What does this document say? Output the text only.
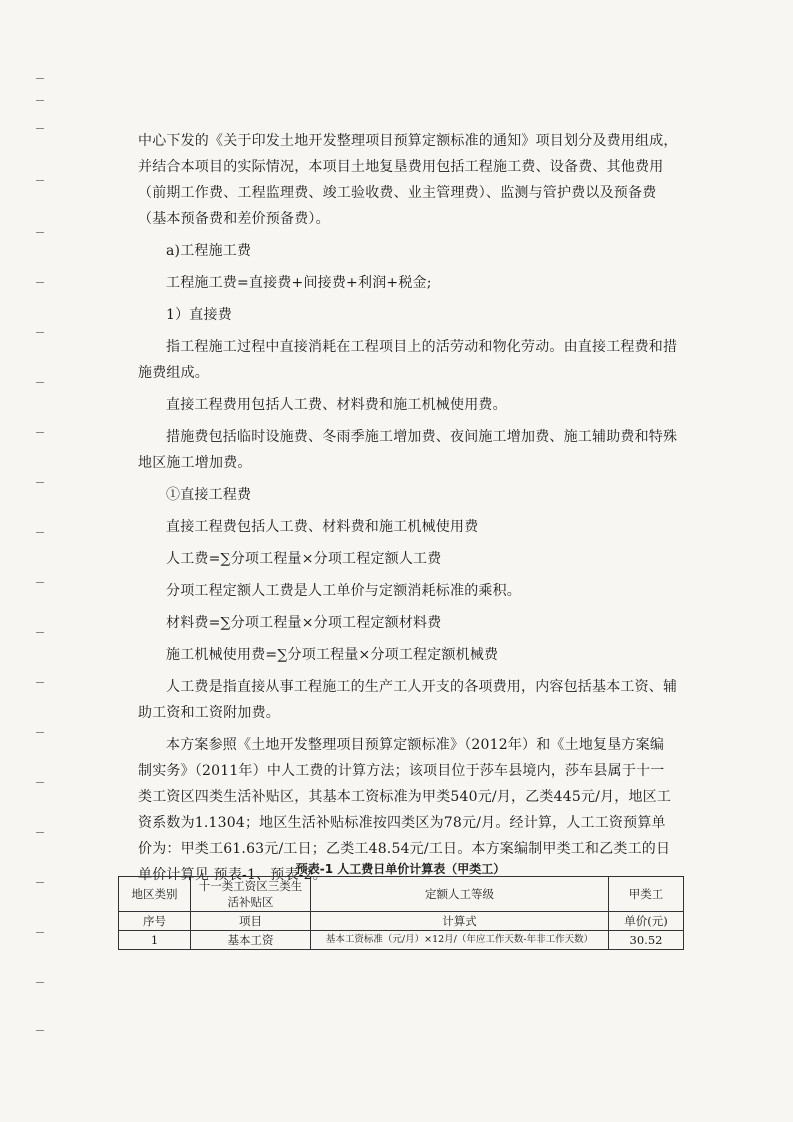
中心下发的《关于印发土地开发整理项目预算定额标准的通知》项目划分及费用组成，并结合本项目的实际情况，本项目土地复垦费用包括工程施工费、设备费、其他费用（前期工作费、工程监理费、竣工验收费、业主管理费）、监测与管护费以及预备费（基本预备费和差价预备费）。

a)工程施工费

工程施工费=直接费+间接费+利润+税金;

1）直接费

指工程施工过程中直接消耗在工程项目上的活劳动和物化劳动。由直接工程费和措施费组成。

直接工程费用包括人工费、材料费和施工机械使用费。

措施费包括临时设施费、冬雨季施工增加费、夜间施工增加费、施工辅助费和特殊地区施工增加费。

①直接工程费

直接工程费包括人工费、材料费和施工机械使用费

人工费=∑分项工程量×分项工程定额人工费

分项工程定额人工费是人工单价与定额消耗标准的乘积。

材料费=∑分项工程量×分项工程定额材料费

施工机械使用费=∑分项工程量×分项工程定额机械费

人工费是指直接从事工程施工的生产工人开支的各项费用，内容包括基本工资、辅助工资和工资附加费。

本方案参照《土地开发整理项目预算定额标准》（2012年）和《土地复垦方案编制实务》（2011年）中人工费的计算方法；该项目位于莎车县境内，莎车县属于十一类工资区四类生活补贴区，其基本工资标准为甲类540元/月，乙类445元/月，地区工资系数为1.1304；地区生活补贴标准按四类区为78元/月。经计算，人工工资预算单价为：甲类工61.63元/工日；乙类工48.54元/工日。本方案编制甲类工和乙类工的日单价计算见 预表-1、预表-2。

预表-1 人工费日单价计算表（甲类工）
地区类别	十一类工资区三类生活补贴区	定额人工等级	甲类工
序号	项目	计算式	单价(元)
1	基本工资	基本工资标准（元/月）×12月/（年应工作天数-年非工作天数）	30.52
